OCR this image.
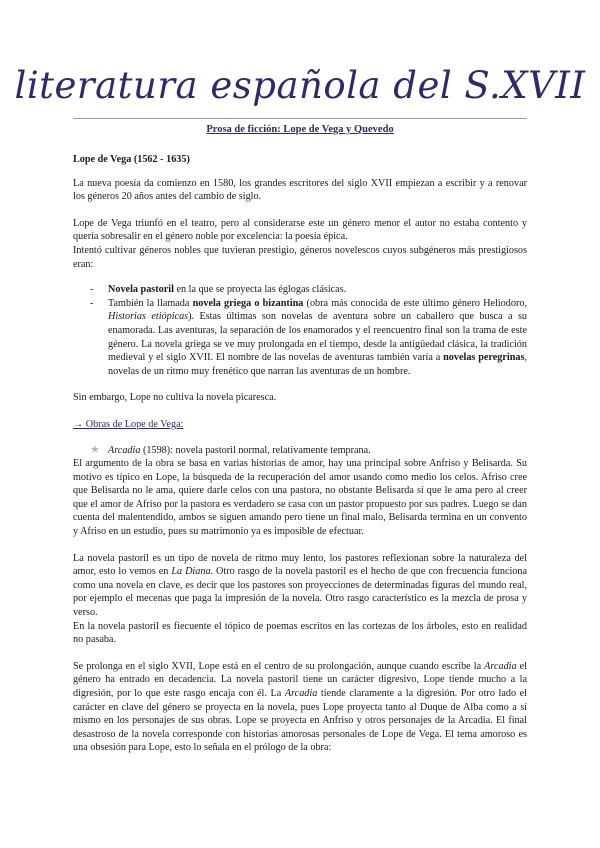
literatura española del S.XVII
Prosa de ficción: Lope de Vega y Quevedo

Lope de Vega (1562 - 1635)

La nueva poesía da comienzo en 1580, los grandes escritores del siglo XVII empiezan a escribir y a renovar los géneros 20 años antes del cambio de siglo.

Lope de Vega triunfó en el teatro, pero al considerarse este un género menor el autor no estaba contento y quería sobresalir en el género noble por excelencia: la poesía épica.

Intentó cultivar géneros nobles que tuvieran prestigio, géneros novelescos cuyos subgéneros más prestigiosos eran:

- Novela pastoril en la que se proyecta las églogas clásicas.
- También la llamada novela griega o bizantina (obra más conocida de este último género Heliodoro, Historias etiópicas). Estas últimas son novelas de aventura sobre un caballero que busca a su enamorada. Las aventuras, la separación de los enamorados y el reencuentro final son la trama de este género. La novela griega se ve muy prolongada en el tiempo, desde la antigüedad clásica, la tradición medieval y el siglo XVII. El nombre de las novelas de aventuras también varía a novelas peregrinas, novelas de un ritmo muy frenético que narran las aventuras de un hombre.

Sin embargo, Lope no cultiva la novela picaresca.

→ Obras de Lope de Vega:

★ Arcadia (1598): novela pastoril normal, relativamente temprana.

El argumento de la obra se basa en varias historias de amor, hay una principal sobre Anfriso y Belisarda. Su motivo es típico en Lope, la búsqueda de la recuperación del amor usando como medio los celos. Afriso cree que Belisarda no le ama, quiere darle celos con una pastora, no obstante Belisarda sí que le ama pero al creer que el amor de Afriso por la pastora es verdadero se casa con un pastor propuesto por sus padres. Luego se dan cuenta del malentendido, ambos se siguen amando pero tiene un final malo, Belisarda termina en un convento y Afriso en un estudio, pues su matrimonio ya es imposible de efectuar.

La novela pastoril es un tipo de novela de ritmo muy lento, los pastores reflexionan sobre la naturaleza del amor, esto lo vemos en La Diana. Otro rasgo de la novela pastoril es el hecho de que con frecuencia funciona como una novela en clave, es decir que los pastores son proyecciones de determinadas figuras del mundo real, por ejemplo el mecenas que paga la impresión de la novela. Otro rasgo característico es la mezcla de prosa y verso.

En la novela pastoril es fiecuente el tópico de poemas escritos en las cortezas de los árboles, esto en realidad no pasaba.

Se prolonga en el siglo XVII, Lope está en el centro de su prolongación, aunque cuando escribe la Arcadia el género ha entrado en decadencia. La novela pastoril tiene un carácter digresivo, Lope tiende mucho a la digresión, por lo que este rasgo encaja con él. La Arcadia tiende claramente a la digresión. Por otro lado el carácter en clave del género se proyecta en la novela, pues Lope proyecta tanto al Duque de Alba como a sí mismo en los personajes de sus obras. Lope se proyecta en Anfriso y otros personajes de la Arcadia. El final desastroso de la novela corresponde con historias amorosas personales de Lope de Vega. El tema amoroso es una obsesión para Lope, esto lo señala en el prólogo de la obra:
